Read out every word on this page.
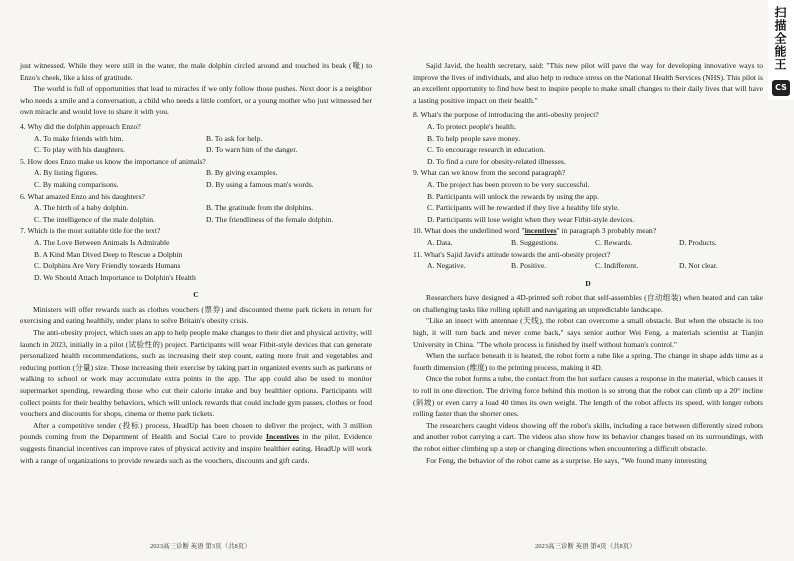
just witnessed. While they were still in the water, the male dolphin circled around and touched its beak (喙) to Enzo's cheek, like a kiss of gratitude.

The world is full of opportunities that lead to miracles if we only follow those pushes. Next door is a neighbor who needs a smile and a conversation, a child who needs a little comfort, or a young mother who just witnessed her own miracle and would love to share it with you.

4. Why did the dolphin approach Enzo?

A. To make friends with him.	B. To ask for help.
C. To play with his daughters.	D. To warn him of the danger.

5. How does Enzo make us know the importance of animals?

A. By listing figures.	B. By giving examples.
C. By making comparisons.	D. By using a famous man's words.

6. What amazed Enzo and his daughters?

A. The birth of a baby dolphin.	B. The gratitude from the dolphins.
C. The intelligence of the male dolphin.	D. The friendliness of the female dolphin.

7. Which is the most suitable title for the text?

A. The Love Between Animals Is Admirable
B. A Kind Man Dived Deep to Rescue a Dolphin
C. Dolphins Are Very Friendly towards Humans
D. We Should Attach Importance to Dolphin's Health
C

Ministers will offer rewards such as clothes vouchers (票券) and discounted theme park tickets in return for exercising and eating healthily, under plans to solve Britain's obesity crisis.

The anti-obesity project, which uses an app to help people make changes to their diet and physical activity, will launch in 2023, initially in a pilot (试验性的) project. Participants will wear Fitbit-style devices that can generate personalized health recommendations, such as increasing their step count, eating more fruit and vegetables and reducing portion (分量) size. Those increasing their exercise by taking part in organized events such as parkruns or walking to school or work may accumulate extra points in the app. The app could also be used to monitor supermarket spending, rewarding those who cut their calorie intake and buy healthier options. Participants will collect points for their healthy behaviors, which will unlock rewards that could include gym passes, clothes or food vouchers and discounts for shops, cinema or theme park tickets.

After a competitive tender (投标) process, HeadUp has been chosen to deliver the project, with 3 million pounds coming from the Department of Health and Social Care to provide Incentives in the pilot. Evidence suggests financial incentives can improve rates of physical activity and inspire healthier eating. HeadUp will work with a range of organizations to provide rewards such as the vouchers, discounts and gift cards.

2023高三诊断 英语 第3页（共8页）

Sajid Javid, the health secretary, said: "This new pilot will pave the way for developing innovative ways to improve the lives of individuals, and also help to reduce stress on the National Health Services (NHS). This pilot is an excellent opportunity to find how best to inspire people to make small changes to their daily lives that will have a lasting positive impact on their health."

8. What's the purpose of introducing the anti-obesity project?

A. To protect people's health.
B. To help people save money.
C. To encourage research in education.
D. To find a cure for obesity-related illnesses.

9. What can we know from the second paragraph?

A. The project has been proven to be very successful.
B. Participants will unlock the rewards by using the app.
C. Participants will be rewarded if they live a healthy life style.
D. Participants will lose weight when they wear Fitbit-style devices.

10. What does the underlined word "incentives" in paragraph 3 probably mean?

A. Data.	B. Suggestions.	C. Rewards.	D. Products.

11. What's Sajid Javid's attitude towards the anti-obesity project?

A. Negative.	B. Positive.	C. Indifferent.	D. Not clear.
D

Researchers have designed a 4D-printed soft robot that self-assembles (自动组装) when heated and can take on challenging tasks like rolling uphill and navigating an unpredictable landscape.

"Like an insect with antennae (天线), the robot can overcome a small obstacle. But when the obstacle is too high, it will turn back and never come back," says senior author Wei Feng, a materials scientist at Tianjin University in China. "The whole process is finished by itself without human's control."

When the surface beneath it is heated, the robot form a tube like a spring. The change in shape adds time as a fourth dimension (维度) to the printing process, making it 4D.

Once the robot forms a tube, the contact from the hot surface causes a response in the material, which causes it to roll in one direction. The driving force behind this motion is so strong that the robot can climb up a 20° incline (斜坡) or even carry a load 40 times its own weight. The length of the robot affects its speed, with longer robots rolling faster than the shorter ones.

The researchers caught videos showing off the robot's skills, including a race between differently sized robots and another robot carrying a cart. The videos also show how its behavior changes based on its surroundings, with the robot either climbing up a step or changing directions when encountering a difficult obstacle.

For Feng, the behavior of the robot came as a surprise. He says, "We found many interesting

2023高三诊断 英语 第4页（共8页）
扫描全能王
CS
